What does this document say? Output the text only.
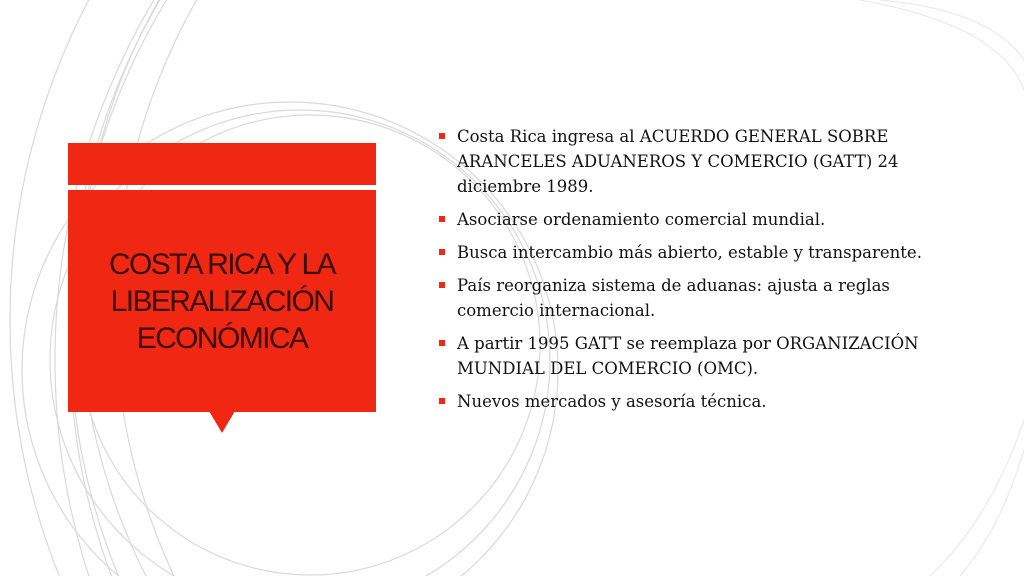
COSTA RICA Y LA
LIBERALIZACIÓN
ECONÓMICA
Costa Rica ingresa al ACUERDO GENERAL SOBRE ARANCELES ADUANEROS Y COMERCIO (GATT) 24 diciembre 1989.
Asociarse ordenamiento comercial mundial.
Busca intercambio más abierto, estable y transparente.
País reorganiza sistema de aduanas: ajusta a reglas comercio internacional.
A partir 1995 GATT se reemplaza por ORGANIZACIÓN MUNDIAL DEL COMERCIO (OMC).
Nuevos mercados y asesoría técnica.
